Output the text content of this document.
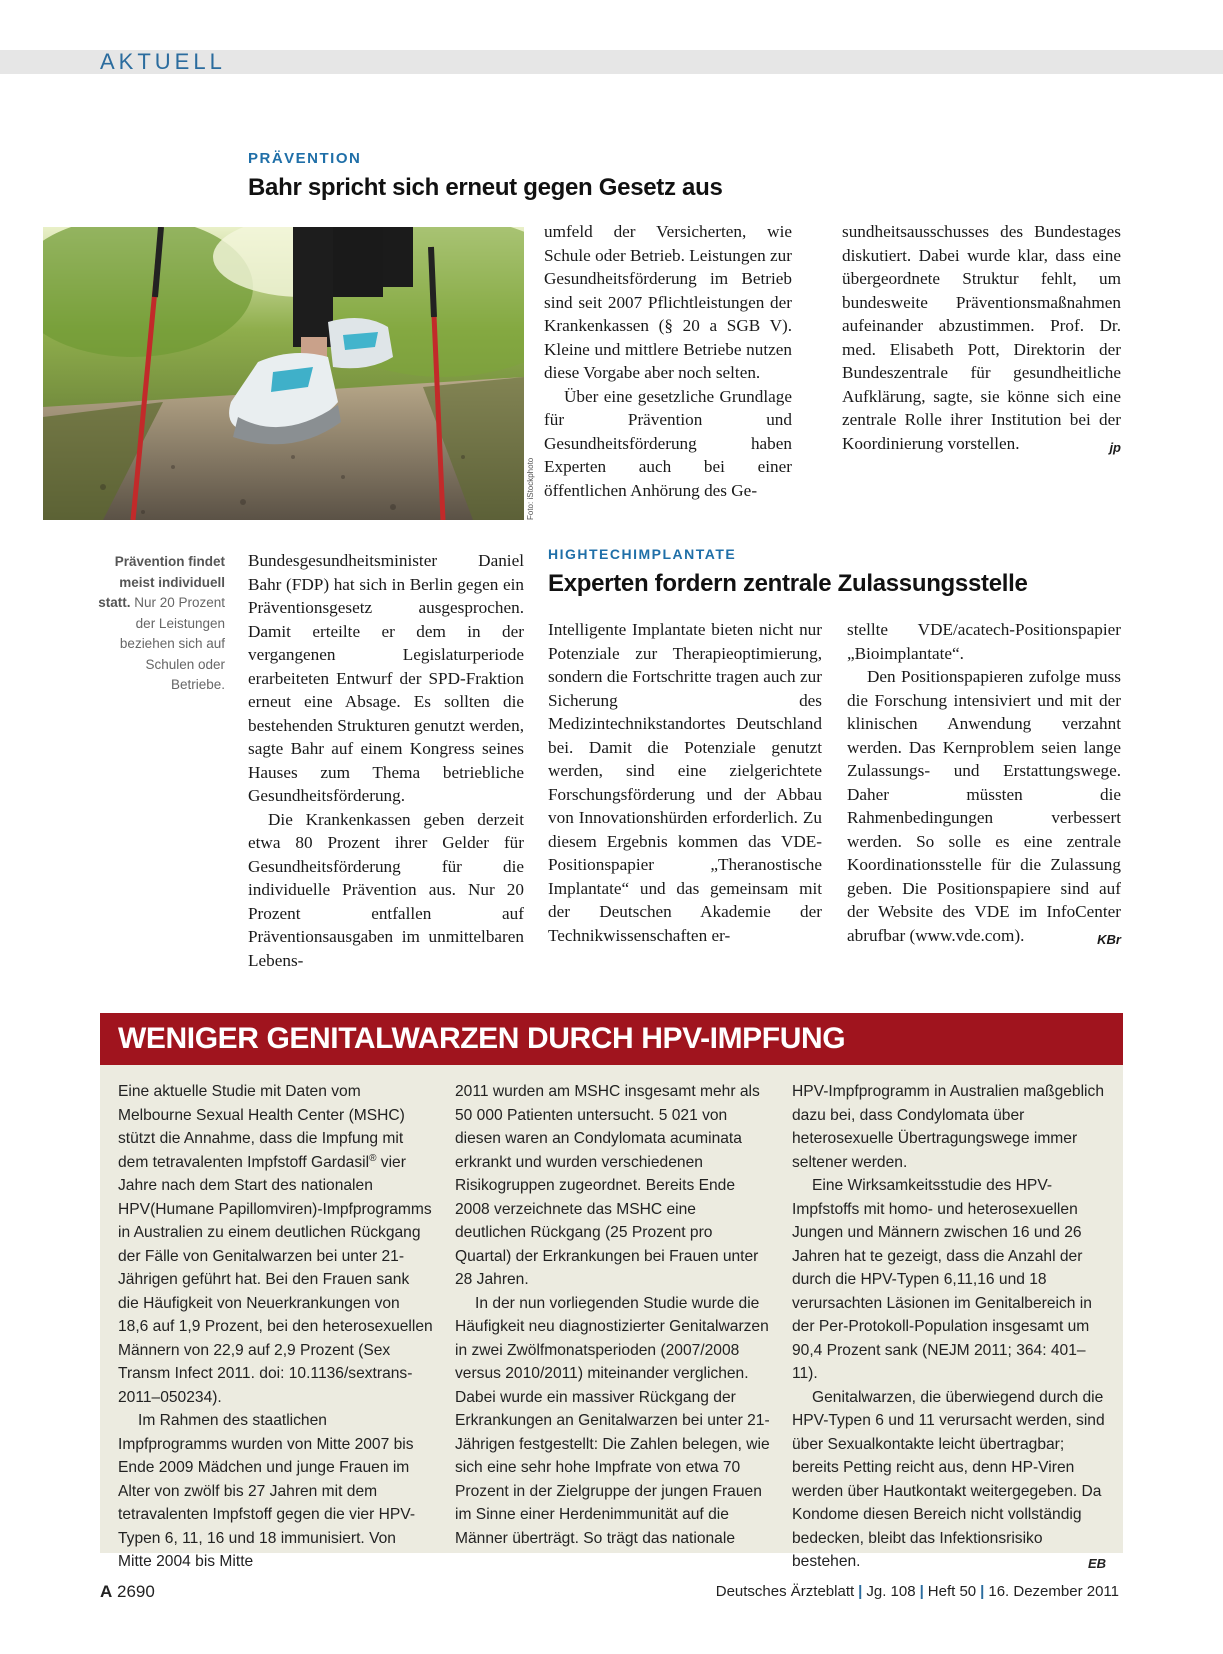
AKTUELL
PRÄVENTION
Bahr spricht sich erneut gegen Gesetz aus
Foto: iStockphoto

umfeld der Versicherten, wie Schule oder Betrieb. Leistungen zur Gesundheitsförderung im Betrieb sind seit 2007 Pflichtleistungen der Krankenkassen (§ 20 a SGB V). Kleine und mittlere Betriebe nutzen diese Vorgabe aber noch selten.

Über eine gesetzliche Grundlage für Prävention und Gesundheitsförderung haben Experten auch bei einer öffentlichen Anhörung des Ge-

sundheitsausschusses des Bundestages diskutiert. Dabei wurde klar, dass eine übergeordnete Struktur fehlt, um bundesweite Präventionsmaßnahmen aufeinander abzustimmen. Prof. Dr. med. Elisabeth Pott, Direktorin der Bundeszentrale für gesundheitliche Aufklärung, sagte, sie könne sich eine zentrale Rolle ihrer Institution bei der Koordinierung vorstellen.	jp

Prävention findet meist individuell statt. Nur 20 Prozent der Leistungen beziehen sich auf Schulen oder Betriebe.

Bundesgesundheitsminister Daniel Bahr (FDP) hat sich in Berlin gegen ein Präventionsgesetz ausgesprochen. Damit erteilte er dem in der vergangenen Legislaturperiode erarbeiteten Entwurf der SPD-Fraktion erneut eine Absage. Es sollten die bestehenden Strukturen genutzt werden, sagte Bahr auf einem Kongress seines Hauses zum Thema betriebliche Gesundheitsförderung.

Die Krankenkassen geben derzeit etwa 80 Prozent ihrer Gelder für Gesundheitsförderung für die individuelle Prävention aus. Nur 20 Prozent entfallen auf Präventionsausgaben im unmittelbaren Lebens-

HIGHTECHIMPLANTATE
Experten fordern zentrale Zulassungsstelle

Intelligente Implantate bieten nicht nur Potenziale zur Therapieoptimierung, sondern die Fortschritte tragen auch zur Sicherung des Medizintechnikstandortes Deutschland bei. Damit die Potenziale genutzt werden, sind eine zielgerichtete Forschungsförderung und der Abbau von Innovationshürden erforderlich. Zu diesem Ergebnis kommen das VDE-Positionspapier „Theranostische Implantate“ und das gemeinsam mit der Deutschen Akademie der Technikwissenschaften er-

stellte VDE/acatech-Positionspapier „Bioimplantate“.

Den Positionspapieren zufolge muss die Forschung intensiviert und mit der klinischen Anwendung verzahnt werden. Das Kernproblem seien lange Zulassungs- und Erstattungswege. Daher müssten die Rahmenbedingungen verbessert werden. So solle es eine zentrale Koordinationsstelle für die Zulassung geben. Die Positionspapiere sind auf der Website des VDE im InfoCenter abrufbar (www.vde.com).	KBr

WENIGER GENITALWARZEN DURCH HPV-IMPFUNG

Eine aktuelle Studie mit Daten vom Melbourne Sexual Health Center (MSHC) stützt die Annahme, dass die Impfung mit dem tetravalenten Impfstoff Gardasil® vier Jahre nach dem Start des nationalen HPV(Humane Papillomviren)-Impfprogramms in Australien zu einem deutlichen Rückgang der Fälle von Genitalwarzen bei unter 21-Jährigen geführt hat. Bei den Frauen sank die Häufigkeit von Neuerkrankungen von 18,6 auf 1,9 Prozent, bei den heterosexuellen Männern von 22,9 auf 2,9 Prozent (Sex Transm Infect 2011. doi: 10.1136/sextrans-2011–050234).

Im Rahmen des staatlichen Impfprogramms wurden von Mitte 2007 bis Ende 2009 Mädchen und junge Frauen im Alter von zwölf bis 27 Jahren mit dem tetravalenten Impfstoff gegen die vier HPV-Typen 6, 11, 16 und 18 immunisiert. Von Mitte 2004 bis Mitte

2011 wurden am MSHC insgesamt mehr als 50 000 Patienten untersucht. 5 021 von diesen waren an Condylomata acuminata erkrankt und wurden verschiedenen Risikogruppen zugeordnet. Bereits Ende 2008 verzeichnete das MSHC eine deutlichen Rückgang (25 Prozent pro Quartal) der Erkrankungen bei Frauen unter 28 Jahren.

In der nun vorliegenden Studie wurde die Häufigkeit neu diagnostizierter Genitalwarzen in zwei Zwölfmonatsperioden (2007/2008 versus 2010/2011) miteinander verglichen. Dabei wurde ein massiver Rückgang der Erkrankungen an Genitalwarzen bei unter 21-Jährigen festgestellt: Die Zahlen belegen, wie sich eine sehr hohe Impfrate von etwa 70 Prozent in der Zielgruppe der jungen Frauen im Sinne einer Herdenimmunität auf die Männer überträgt. So trägt das nationale

HPV-Impfprogramm in Australien maßgeblich dazu bei, dass Condylomata über heterosexuelle Übertragungswege immer seltener werden.

Eine Wirksamkeitsstudie des HPV-Impfstoffs mit homo- und heterosexuellen Jungen und Männern zwischen 16 und 26 Jahren hat te gezeigt, dass die Anzahl der durch die HPV-Typen 6,11,16 und 18 verursachten Läsionen im Genitalbereich in der Per-Protokoll-Population insgesamt um 90,4 Prozent sank (NEJM 2011; 364: 401–11).

Genitalwarzen, die überwiegend durch die HPV-Typen 6 und 11 verursacht werden, sind über Sexualkontakte leicht übertragbar; bereits Petting reicht aus, denn HP-Viren werden über Hautkontakt weitergegeben. Da Kondome diesen Bereich nicht vollständig bedecken, bleibt das Infektionsrisiko bestehen.	EB

A 2690	Deutsches Ärzteblatt | Jg. 108 | Heft 50 | 16. Dezember 2011
